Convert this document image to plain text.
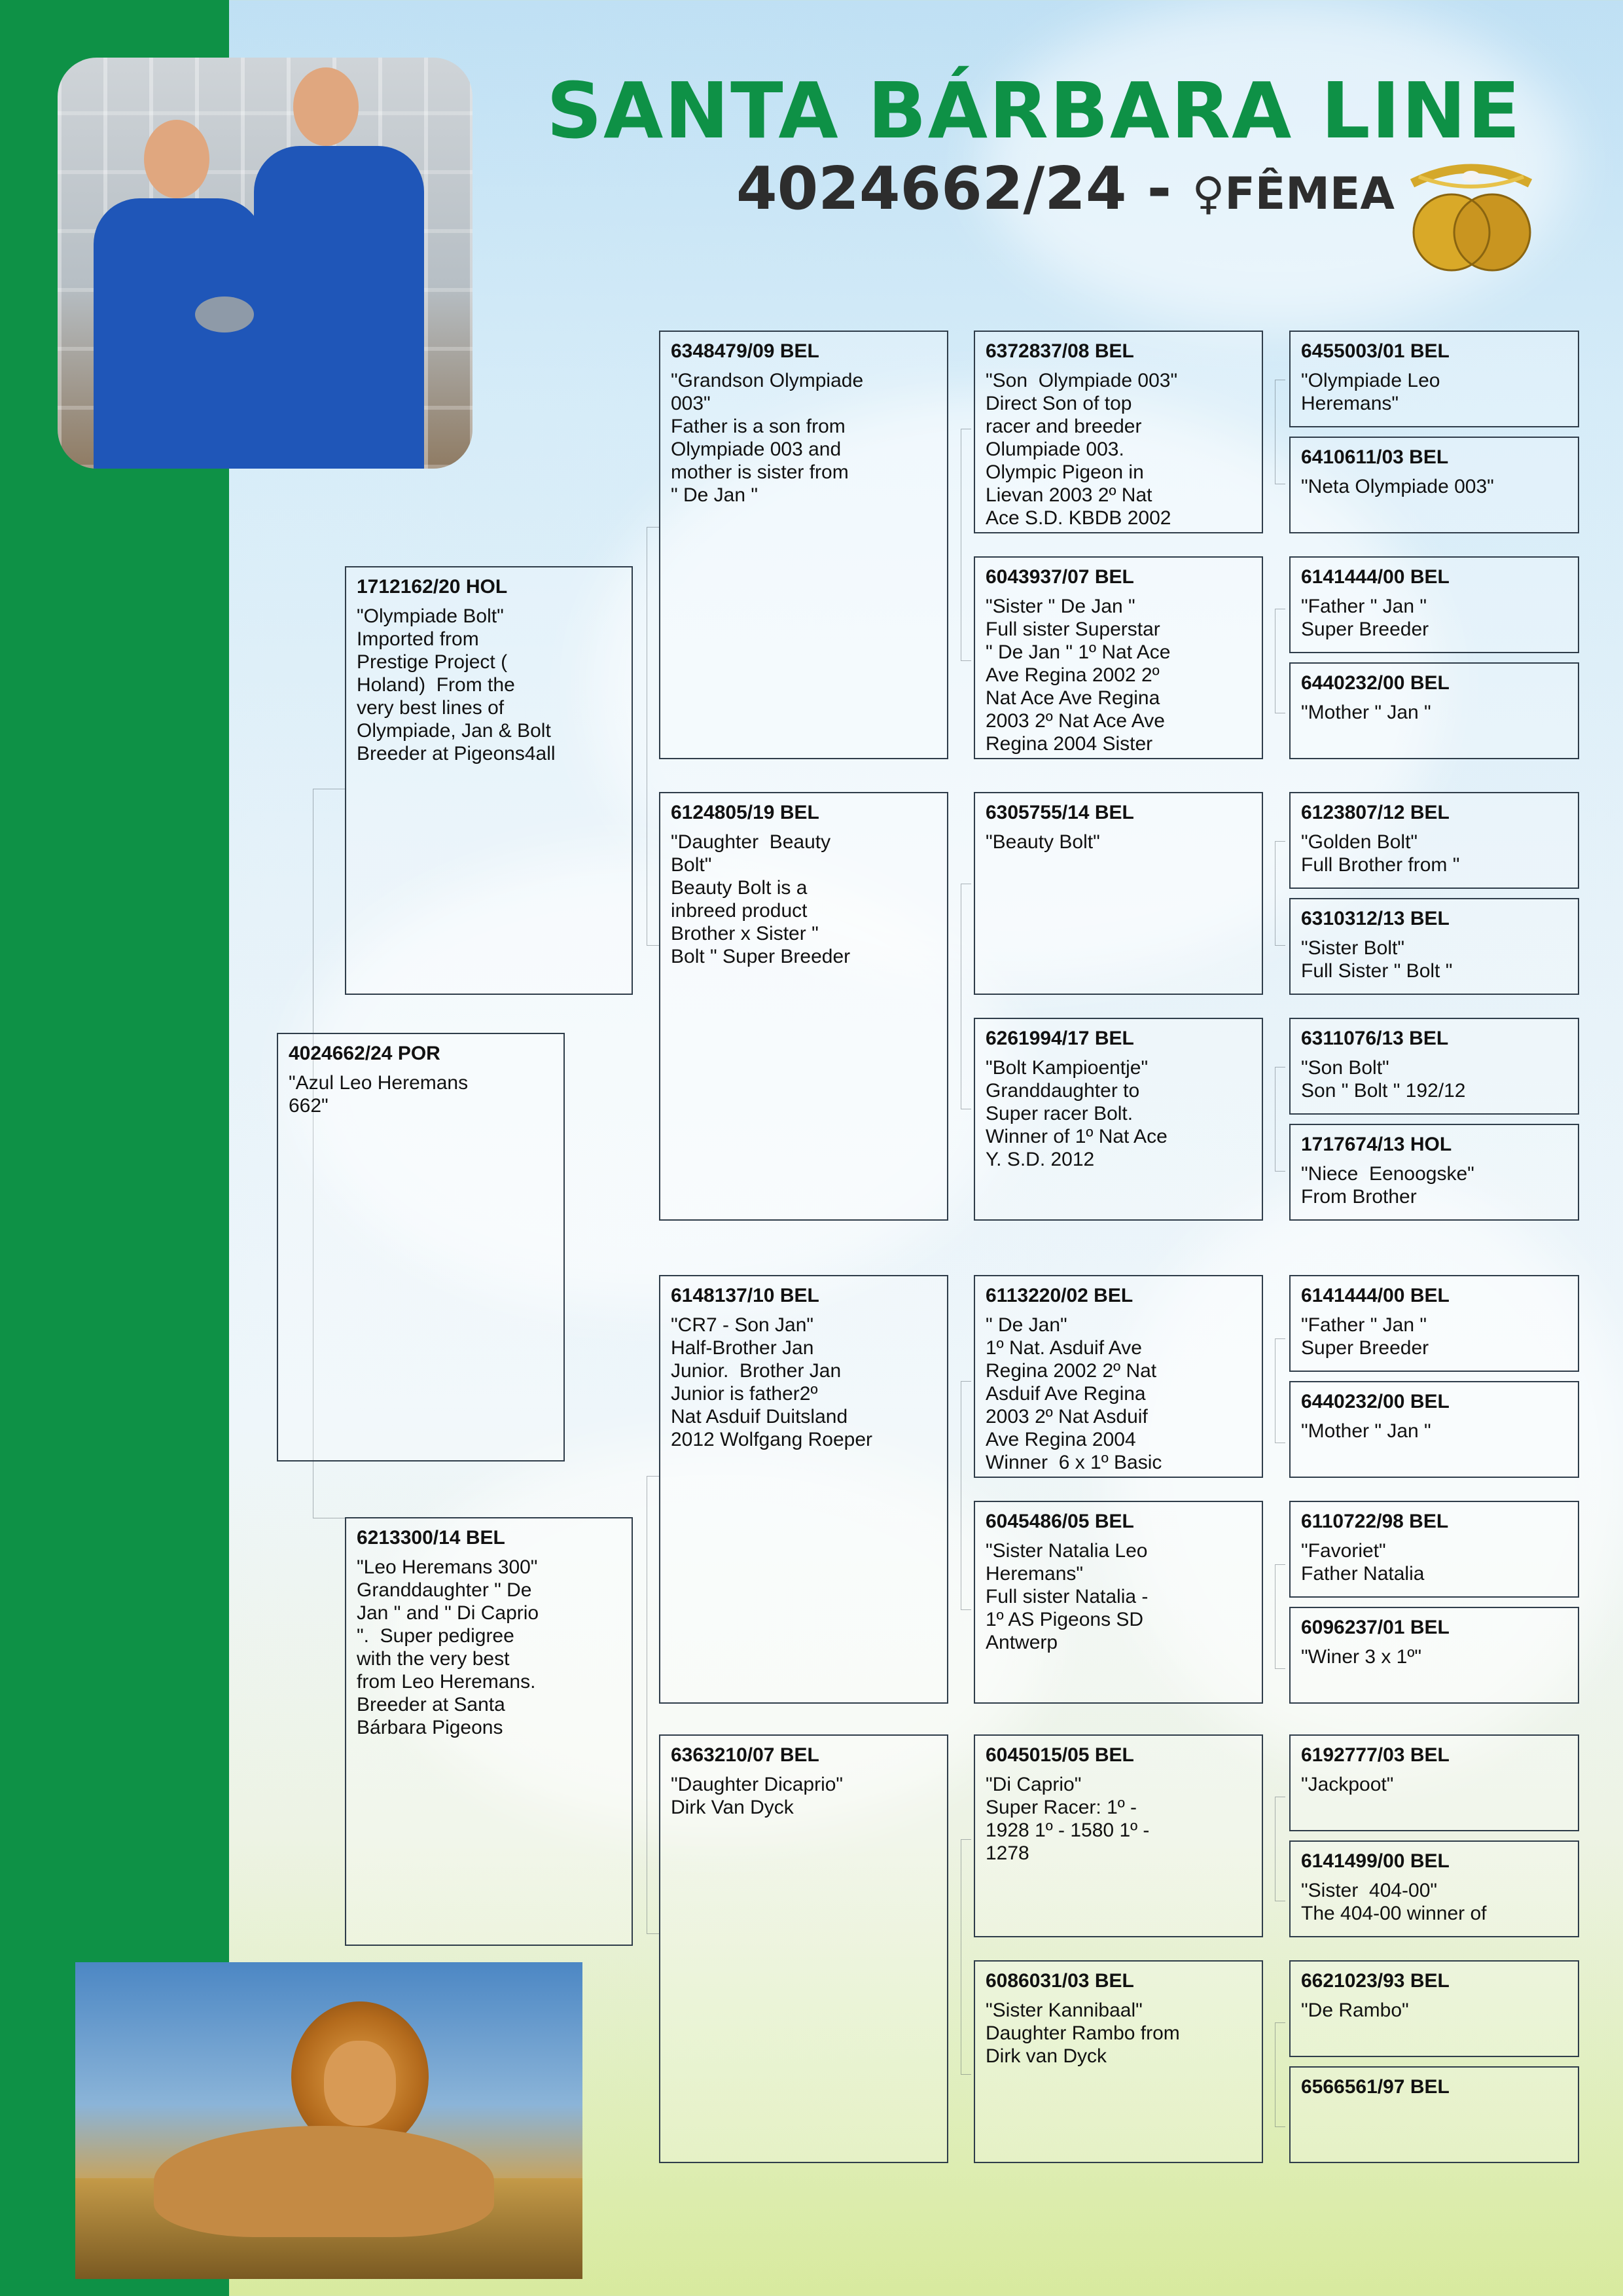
SANTA BÁRBARA LINE
4024662/24 - ♀FÊMEA
4024662/24 POR
"Azul Leo Heremans
662"
1712162/20 HOL
"Olympiade Bolt"
Imported from
Prestige Project (
Holand)  From the
very best lines of
Olympiade, Jan & Bolt
Breeder at Pigeons4all
6213300/14 BEL
"Leo Heremans 300"
Granddaughter " De
Jan " and " Di Caprio
".  Super pedigree
with the very best
from Leo Heremans.
Breeder at Santa
Bárbara Pigeons
6348479/09 BEL
"Grandson Olympiade
003"
Father is a son from
Olympiade 003 and
mother is sister from
" De Jan "
6124805/19 BEL
"Daughter  Beauty
Bolt"
Beauty Bolt is a
inbreed product
Brother x Sister "
Bolt " Super Breeder
6148137/10 BEL
"CR7 - Son Jan"
Half-Brother Jan
Junior.  Brother Jan
Junior is father2º
Nat Asduif Duitsland
2012 Wolfgang Roeper
6363210/07 BEL
"Daughter Dicaprio"
Dirk Van Dyck
6372837/08 BEL
"Son  Olympiade 003"
Direct Son of top
racer and breeder
Olumpiade 003.
Olympic Pigeon in
Lievan 2003 2º Nat
Ace S.D. KBDB 2002
6043937/07 BEL
"Sister " De Jan "
Full sister Superstar
" De Jan " 1º Nat Ace
Ave Regina 2002 2º
Nat Ace Ave Regina
2003 2º Nat Ace Ave
Regina 2004 Sister
6305755/14 BEL
"Beauty Bolt"
6261994/17 BEL
"Bolt Kampioentje"
Granddaughter to
Super racer Bolt.
Winner of 1º Nat Ace
Y. S.D. 2012
6113220/02 BEL
" De Jan"
1º Nat. Asduif Ave
Regina 2002 2º Nat
Asduif Ave Regina
2003 2º Nat Asduif
Ave Regina 2004
Winner  6 x 1º Basic
6045486/05 BEL
"Sister Natalia Leo
Heremans"
Full sister Natalia -
1º AS Pigeons SD
Antwerp
6045015/05 BEL
"Di Caprio"
Super Racer: 1º -
1928 1º - 1580 1º -
1278
6086031/03 BEL
"Sister Kannibaal"
Daughter Rambo from
Dirk van Dyck
6455003/01 BEL
"Olympiade Leo
Heremans"
6410611/03 BEL
"Neta Olympiade 003"
6141444/00 BEL
"Father " Jan "
Super Breeder
6440232/00 BEL
"Mother " Jan "
6123807/12 BEL
"Golden Bolt"
Full Brother from "
6310312/13 BEL
"Sister Bolt"
Full Sister " Bolt "
6311076/13 BEL
"Son Bolt"
Son " Bolt " 192/12
1717674/13 HOL
"Niece  Eenoogske"
From Brother
6141444/00 BEL
"Father " Jan "
Super Breeder
6440232/00 BEL
"Mother " Jan "
6110722/98 BEL
"Favoriet"
Father Natalia
6096237/01 BEL
"Winer 3 x 1º"
6192777/03 BEL
"Jackpoot"
6141499/00 BEL
"Sister  404-00"
The 404-00 winner of
6621023/93 BEL
"De Rambo"
6566561/97 BEL
